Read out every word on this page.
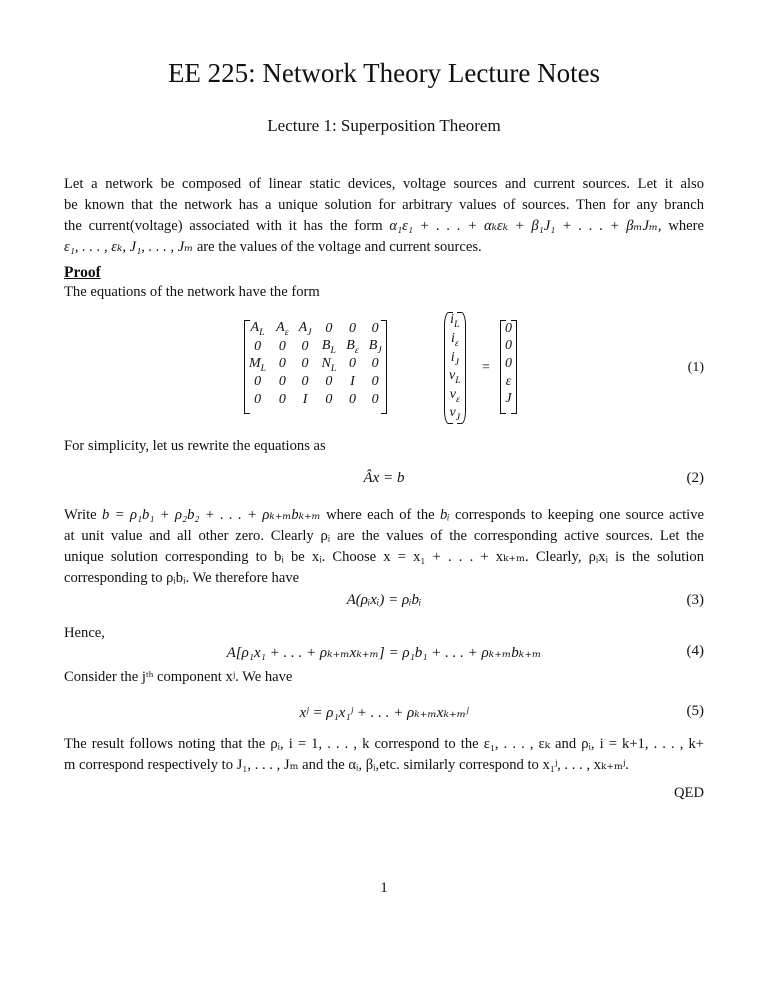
EE 225: Network Theory Lecture Notes
Lecture 1: Superposition Theorem
Let a network be composed of linear static devices, voltage sources and current sources. Let it also
be known that the network has a unique solution for arbitrary values of sources. Then for any branch
the current(voltage) associated with it has the form α₁ε₁ + . . . + αₖεₖ + β₁J₁ + . . . + βₘJₘ, where
ε₁, . . . , εₖ, J₁, . . . , Jₘ are the values of the voltage and current sources.
Proof
The equations of the network have the form
$A_L$	$A_\varepsilon$	$A_J$	0	0	0
0	0	0	$B_L$	$B_\varepsilon$	$B_J$
$M_L$	0	0	$N_L$	0	0
0	0	0	0	I	0
0	0	I	0	0	0
$i_L$
$i_\varepsilon$
$i_J$
$v_L$
$v_\varepsilon$
$v_J$
=
0
0
0
ε
J
(1)
For simplicity, let us rewrite the equations as
Âx = b	(2)
Write b = ρ₁b₁ + ρ₂b₂ + . . . + ρₖ₊ₘbₖ₊ₘ where each of the bᵢ corresponds to keeping one source active
at unit value and all other zero. Clearly ρᵢ are the values of the corresponding active sources. Let the
unique solution corresponding to bᵢ be xᵢ. Choose x = x₁ + . . . + xₖ₊ₘ. Clearly, ρᵢxᵢ is the solution
corresponding to ρᵢbᵢ. We therefore have
A(ρᵢxᵢ) = ρᵢbᵢ	(3)
Hence,
A[ρ₁x₁ + . . . + ρₖ₊ₘxₖ₊ₘ] = ρ₁b₁ + . . . + ρₖ₊ₘbₖ₊ₘ	(4)
Consider the jᵗʰ component xʲ. We have
xʲ = ρ₁x₁ʲ + . . . + ρₖ₊ₘxₖ₊ₘʲ	(5)
The result follows noting that the ρᵢ, i = 1, . . . , k correspond to the ε₁, . . . , εₖ and ρᵢ, i = k+1, . . . , k+
m correspond respectively to J₁, . . . , Jₘ and the αᵢ, βᵢ,etc. similarly correspond to x₁ʲ, . . . , xₖ₊ₘʲ.
QED
1
